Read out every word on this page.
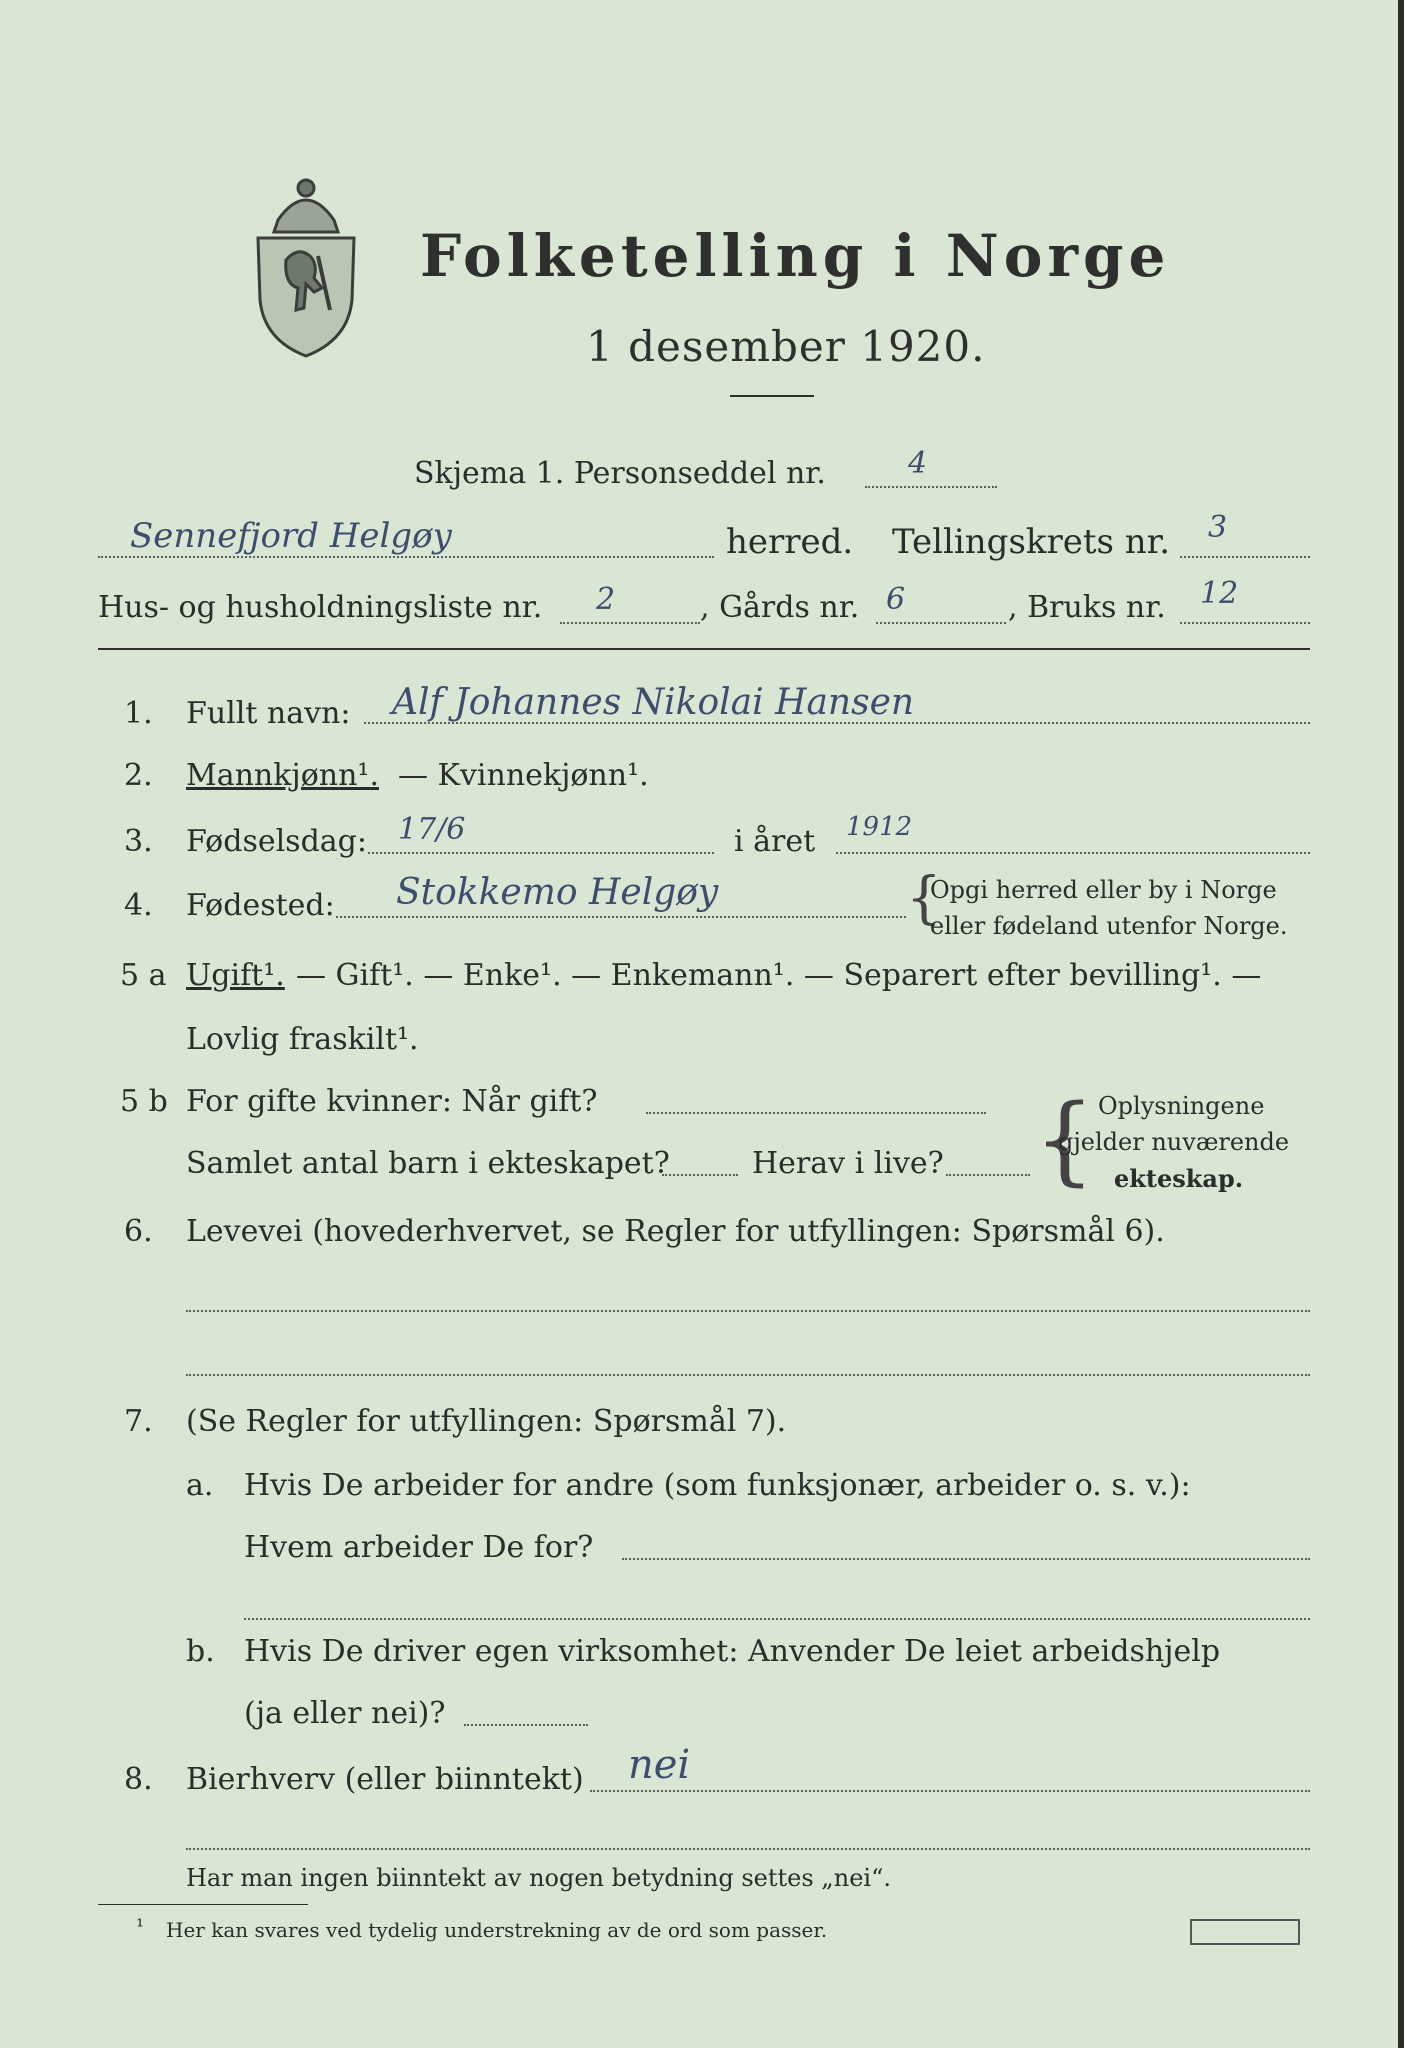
Folketelling i Norge
1 desember 1920.
Skjema 1. Personseddel nr.	4
Sennefjord Helgøy	herred. Tellingskrets nr. 3
Hus- og husholdningsliste nr. 2	, Gårds nr. 6	, Bruks nr. 12
1. Fullt navn: Alf Johannes Nikolai Hansen
2. Mannkjønn¹. — Kvinnekjønn¹.
3. Fødselsdag: 17/6	i året 1912
4. Fødested: Stokkemo Helgøy	{
Opgi herred eller by i Norge
eller fødeland utenfor Norge.
5 a Ugift¹. — Gift¹. — Enke¹. — Enkemann¹. — Separert efter bevilling¹. —
Lovlig fraskilt¹.
5 b For gifte kvinner: Når gift?
Samlet antal barn i ekteskapet?	Herav i live? { Oplysningene
gjelder nuværende
ekteskap.
6. Levevei (hovederhvervet, se Regler for utfyllingen: Spørsmål 6).
7. (Se Regler for utfyllingen: Spørsmål 7).
a. Hvis De arbeider for andre (som funksjonær, arbeider o. s. v.):
Hvem arbeider De for?
b. Hvis De driver egen virksomhet: Anvender De leiet arbeidshjelp
(ja eller nei)?
8. Bierhverv (eller biinntekt) nei
Har man ingen biinntekt av nogen betydning settes „nei“.
¹ Her kan svares ved tydelig understrekning av de ord som passer.
